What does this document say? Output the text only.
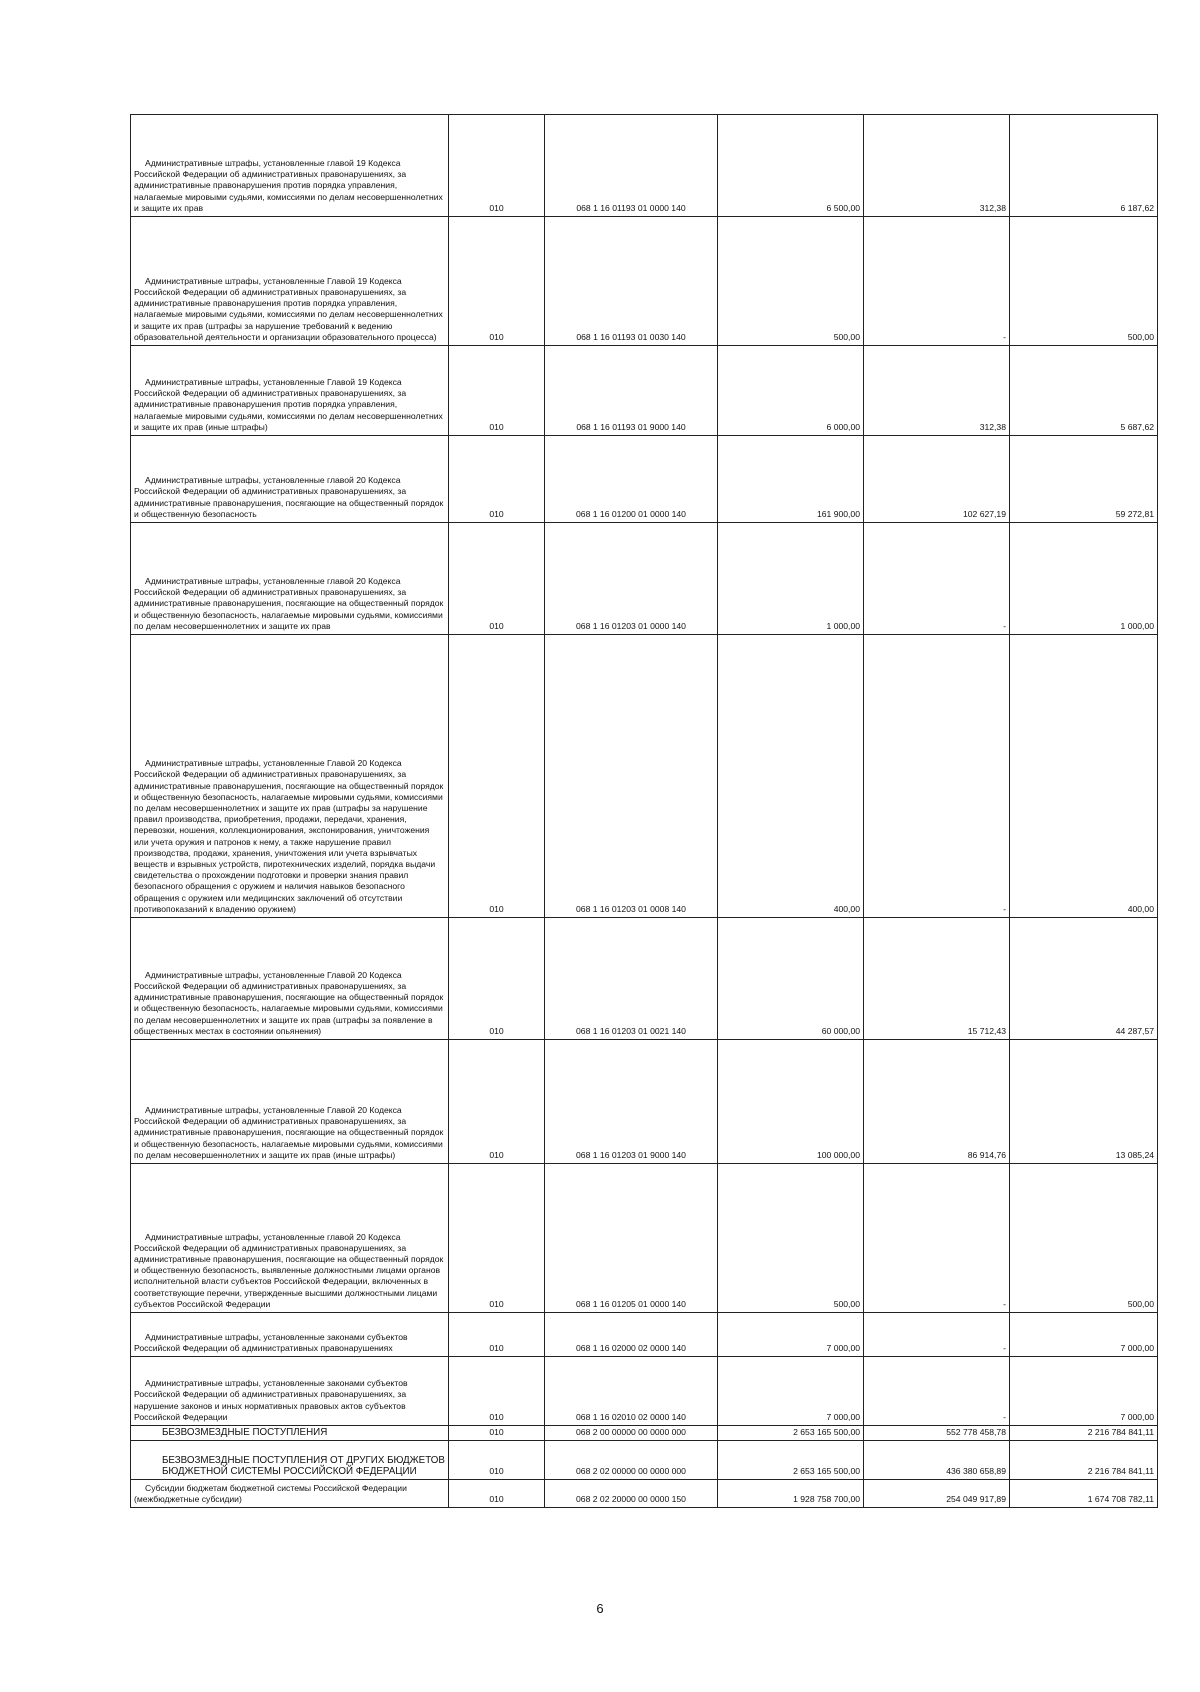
Административные штрафы, установленные главой 19 Кодекса Российской Федерации об административных правонарушениях, за административные правонарушения против порядка управления, налагаемые мировыми судьями, комиссиями по делам несовершеннолетних и защите их прав	010	068 1 16 01193 01 0000 140	6 500,00	312,38	6 187,62
Административные штрафы, установленные Главой 19 Кодекса Российской Федерации об административных правонарушениях, за административные правонарушения против порядка управления, налагаемые мировыми судьями, комиссиями по делам несовершеннолетних и защите их прав (штрафы за нарушение требований к ведению образовательной деятельности и организации образовательного процесса)	010	068 1 16 01193 01 0030 140	500,00	-	500,00
Административные штрафы, установленные Главой 19 Кодекса Российской Федерации об административных правонарушениях, за административные правонарушения против порядка управления, налагаемые мировыми судьями, комиссиями по делам несовершеннолетних и защите их прав (иные штрафы)	010	068 1 16 01193 01 9000 140	6 000,00	312,38	5 687,62
Административные штрафы, установленные главой 20 Кодекса Российской Федерации об административных правонарушениях, за административные правонарушения, посягающие на общественный порядок и общественную безопасность	010	068 1 16 01200 01 0000 140	161 900,00	102 627,19	59 272,81
Административные штрафы, установленные главой 20 Кодекса Российской Федерации об административных правонарушениях, за административные правонарушения, посягающие на общественный порядок и общественную безопасность, налагаемые мировыми судьями, комиссиями по делам несовершеннолетних и защите их прав	010	068 1 16 01203 01 0000 140	1 000,00	-	1 000,00
Административные штрафы, установленные Главой 20 Кодекса Российской Федерации об административных правонарушениях, за административные правонарушения, посягающие на общественный порядок и общественную безопасность, налагаемые мировыми судьями, комиссиями по делам несовершеннолетних и защите их прав (штрафы за нарушение правил производства, приобретения, продажи, передачи, хранения, перевозки, ношения, коллекционирования, экспонирования, уничтожения или учета оружия и патронов к нему, а также нарушение правил производства, продажи, хранения, уничтожения или учета взрывчатых веществ и взрывных устройств, пиротехнических изделий, порядка выдачи свидетельства о прохождении подготовки и проверки знания правил безопасного обращения с оружием и наличия навыков безопасного обращения с оружием или медицинских заключений об отсутствии противопоказаний к владению оружием)	010	068 1 16 01203 01 0008 140	400,00	-	400,00
Административные штрафы, установленные Главой 20 Кодекса Российской Федерации об административных правонарушениях, за административные правонарушения, посягающие на общественный порядок и общественную безопасность, налагаемые мировыми судьями, комиссиями по делам несовершеннолетних и защите их прав (штрафы за появление в общественных местах в состоянии опьянения)	010	068 1 16 01203 01 0021 140	60 000,00	15 712,43	44 287,57
Административные штрафы, установленные Главой 20 Кодекса Российской Федерации об административных правонарушениях, за административные правонарушения, посягающие на общественный порядок и общественную безопасность, налагаемые мировыми судьями, комиссиями по делам несовершеннолетних и защите их прав (иные штрафы)	010	068 1 16 01203 01 9000 140	100 000,00	86 914,76	13 085,24
Административные штрафы, установленные главой 20 Кодекса Российской Федерации об административных правонарушениях, за административные правонарушения, посягающие на общественный порядок и общественную безопасность, выявленные должностными лицами органов исполнительной власти субъектов Российской Федерации, включенных в соответствующие перечни, утвержденные высшими должностными лицами субъектов Российской Федерации	010	068 1 16 01205 01 0000 140	500,00	-	500,00
Административные штрафы, установленные законами субъектов Российской Федерации об административных правонарушениях	010	068 1 16 02000 02 0000 140	7 000,00	-	7 000,00
Административные штрафы, установленные законами субъектов Российской Федерации об административных правонарушениях, за нарушение законов и иных нормативных правовых актов субъектов Российской Федерации	010	068 1 16 02010 02 0000 140	7 000,00	-	7 000,00
БЕЗВОЗМЕЗДНЫЕ ПОСТУПЛЕНИЯ	010	068 2 00 00000 00 0000 000	2 653 165 500,00	552 778 458,78	2 216 784 841,11
БЕЗВОЗМЕЗДНЫЕ ПОСТУПЛЕНИЯ ОТ ДРУГИХ БЮДЖЕТОВ БЮДЖЕТНОЙ СИСТЕМЫ РОССИЙСКОЙ ФЕДЕРАЦИИ	010	068 2 02 00000 00 0000 000	2 653 165 500,00	436 380 658,89	2 216 784 841,11
Субсидии бюджетам бюджетной системы Российской Федерации (межбюджетные субсидии)	010	068 2 02 20000 00 0000 150	1 928 758 700,00	254 049 917,89	1 674 708 782,11
6
